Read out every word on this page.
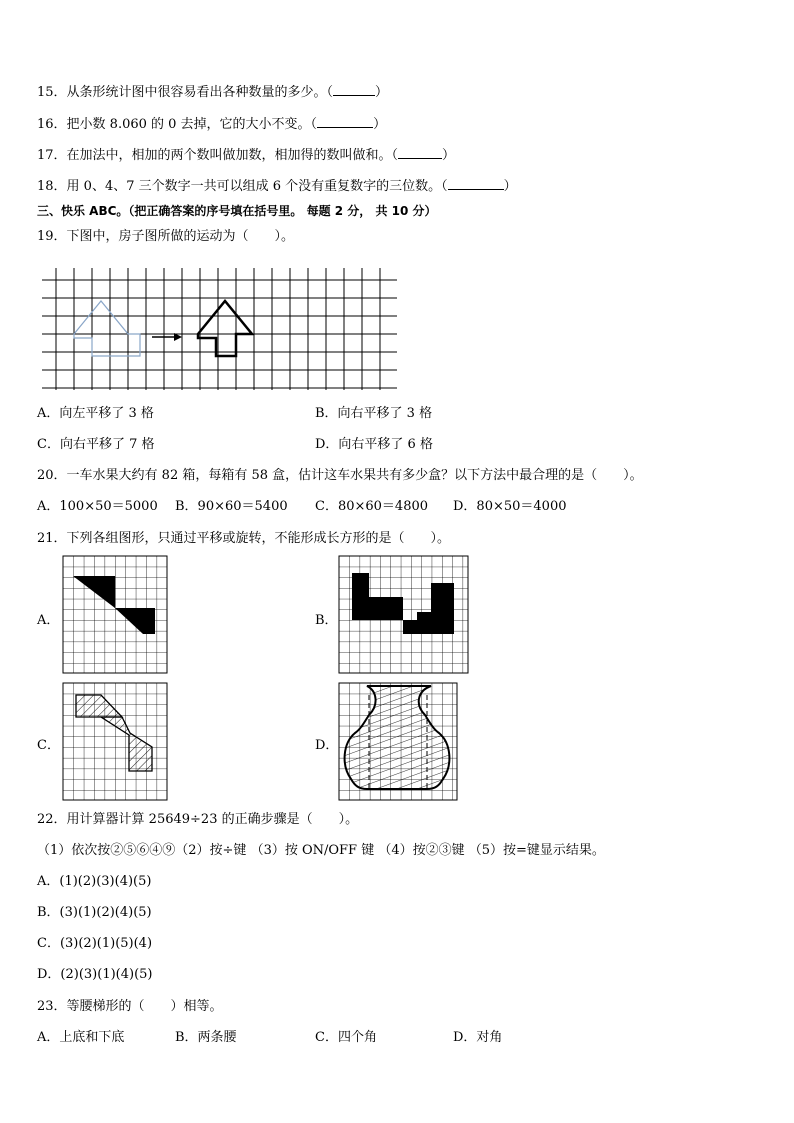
15．从条形统计图中很容易看出各种数量的多少。（	）
16．把小数 8.060 的 0 去掉，它的大小不变。（	）
17．在加法中，相加的两个数叫做加数，相加得的数叫做和。（	）
18．用 0、4、7 三个数字一共可以组成 6 个没有重复数字的三位数。（	）
三、快乐 ABC。（把正确答案的序号填在括号里。 每题 2 分， 共 10 分）
19．下图中，房子图所做的运动为（　　）。
A．向左平移了 3 格	B．向右平移了 3 格
C．向右平移了 7 格	D．向右平移了 6 格
20．一车水果大约有 82 箱，每箱有 58 盒，估计这车水果共有多少盒？以下方法中最合理的是（　　）。
A．100×50＝5000 B．90×60＝5400 C．80×60＝4800 D．80×50＝4000
21．下列各组图形，只通过平移或旋转，不能形成长方形的是（　　）。
A．	B．
C．	D．
22．用计算器计算 25649÷23 的正确步骤是（　　）。
（1）依次按②⑤⑥④⑨（2）按÷键 （3）按 ON/OFF 键 （4）按②③键 （5）按=键显示结果。
A．(1)(2)(3)(4)(5)
B．(3)(1)(2)(4)(5)
C．(3)(2)(1)(5)(4)
D．(2)(3)(1)(4)(5)
23．等腰梯形的（　　）相等。
A．上底和下底	B．两条腰	C．四个角	D．对角
